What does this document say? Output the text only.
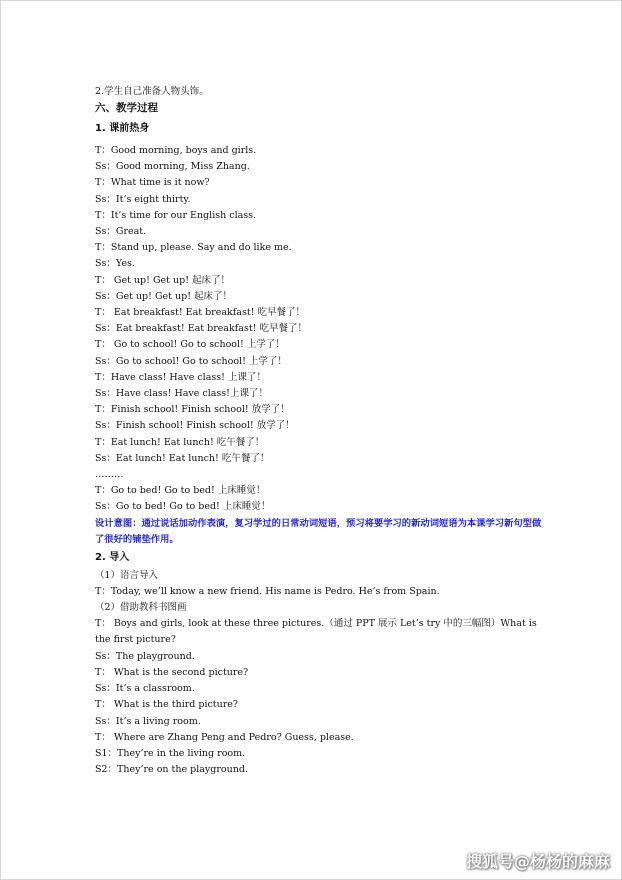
2.学生自己准备人物头饰。
六、教学过程
1. 课前热身
T：Good morning, boys and girls.
Ss：Good morning, Miss Zhang.
T：What time is it now?
Ss：It’s eight thirty.
T：It’s time for our English class.
Ss：Great.
T：Stand up, please. Say and do like me.
Ss：Yes.
T： Get up! Get up! 起床了！
Ss：Get up! Get up! 起床了！
T： Eat breakfast! Eat breakfast! 吃早餐了！
Ss：Eat breakfast! Eat breakfast! 吃早餐了！
T： Go to school! Go to school! 上学了！
Ss：Go to school! Go to school! 上学了！
T：Have class! Have class! 上课了！
Ss：Have class! Have class!上课了！
T：Finish school! Finish school! 放学了！
Ss：Finish school! Finish school! 放学了！
T：Eat lunch! Eat lunch! 吃午餐了！
Ss：Eat lunch! Eat lunch! 吃午餐了！
………
T：Go to bed! Go to bed! 上床睡觉！
Ss：Go to bed! Go to bed! 上床睡觉！
设计意图：通过说话加动作表演，复习学过的日常动词短语，预习将要学习的新动词短语为本课学习新句型做了很好的铺垫作用。
2. 导入
（1）语言导入
T：Today, we’ll know a new friend. His name is Pedro. He’s from Spain.
（2）借助教科书图画
T： Boys and girls, look at these three pictures.（通过 PPT 展示 Let’s try 中的三幅图）What is
the first picture?
Ss：The playground.
T： What is the second picture?
Ss：It’s a classroom.
T： What is the third picture?
Ss：It’s a living room.
T： Where are Zhang Peng and Pedro? Guess, please.
S1：They’re in the living room.
S2：They’re on the playground.
搜狐号@杨杨的麻麻
